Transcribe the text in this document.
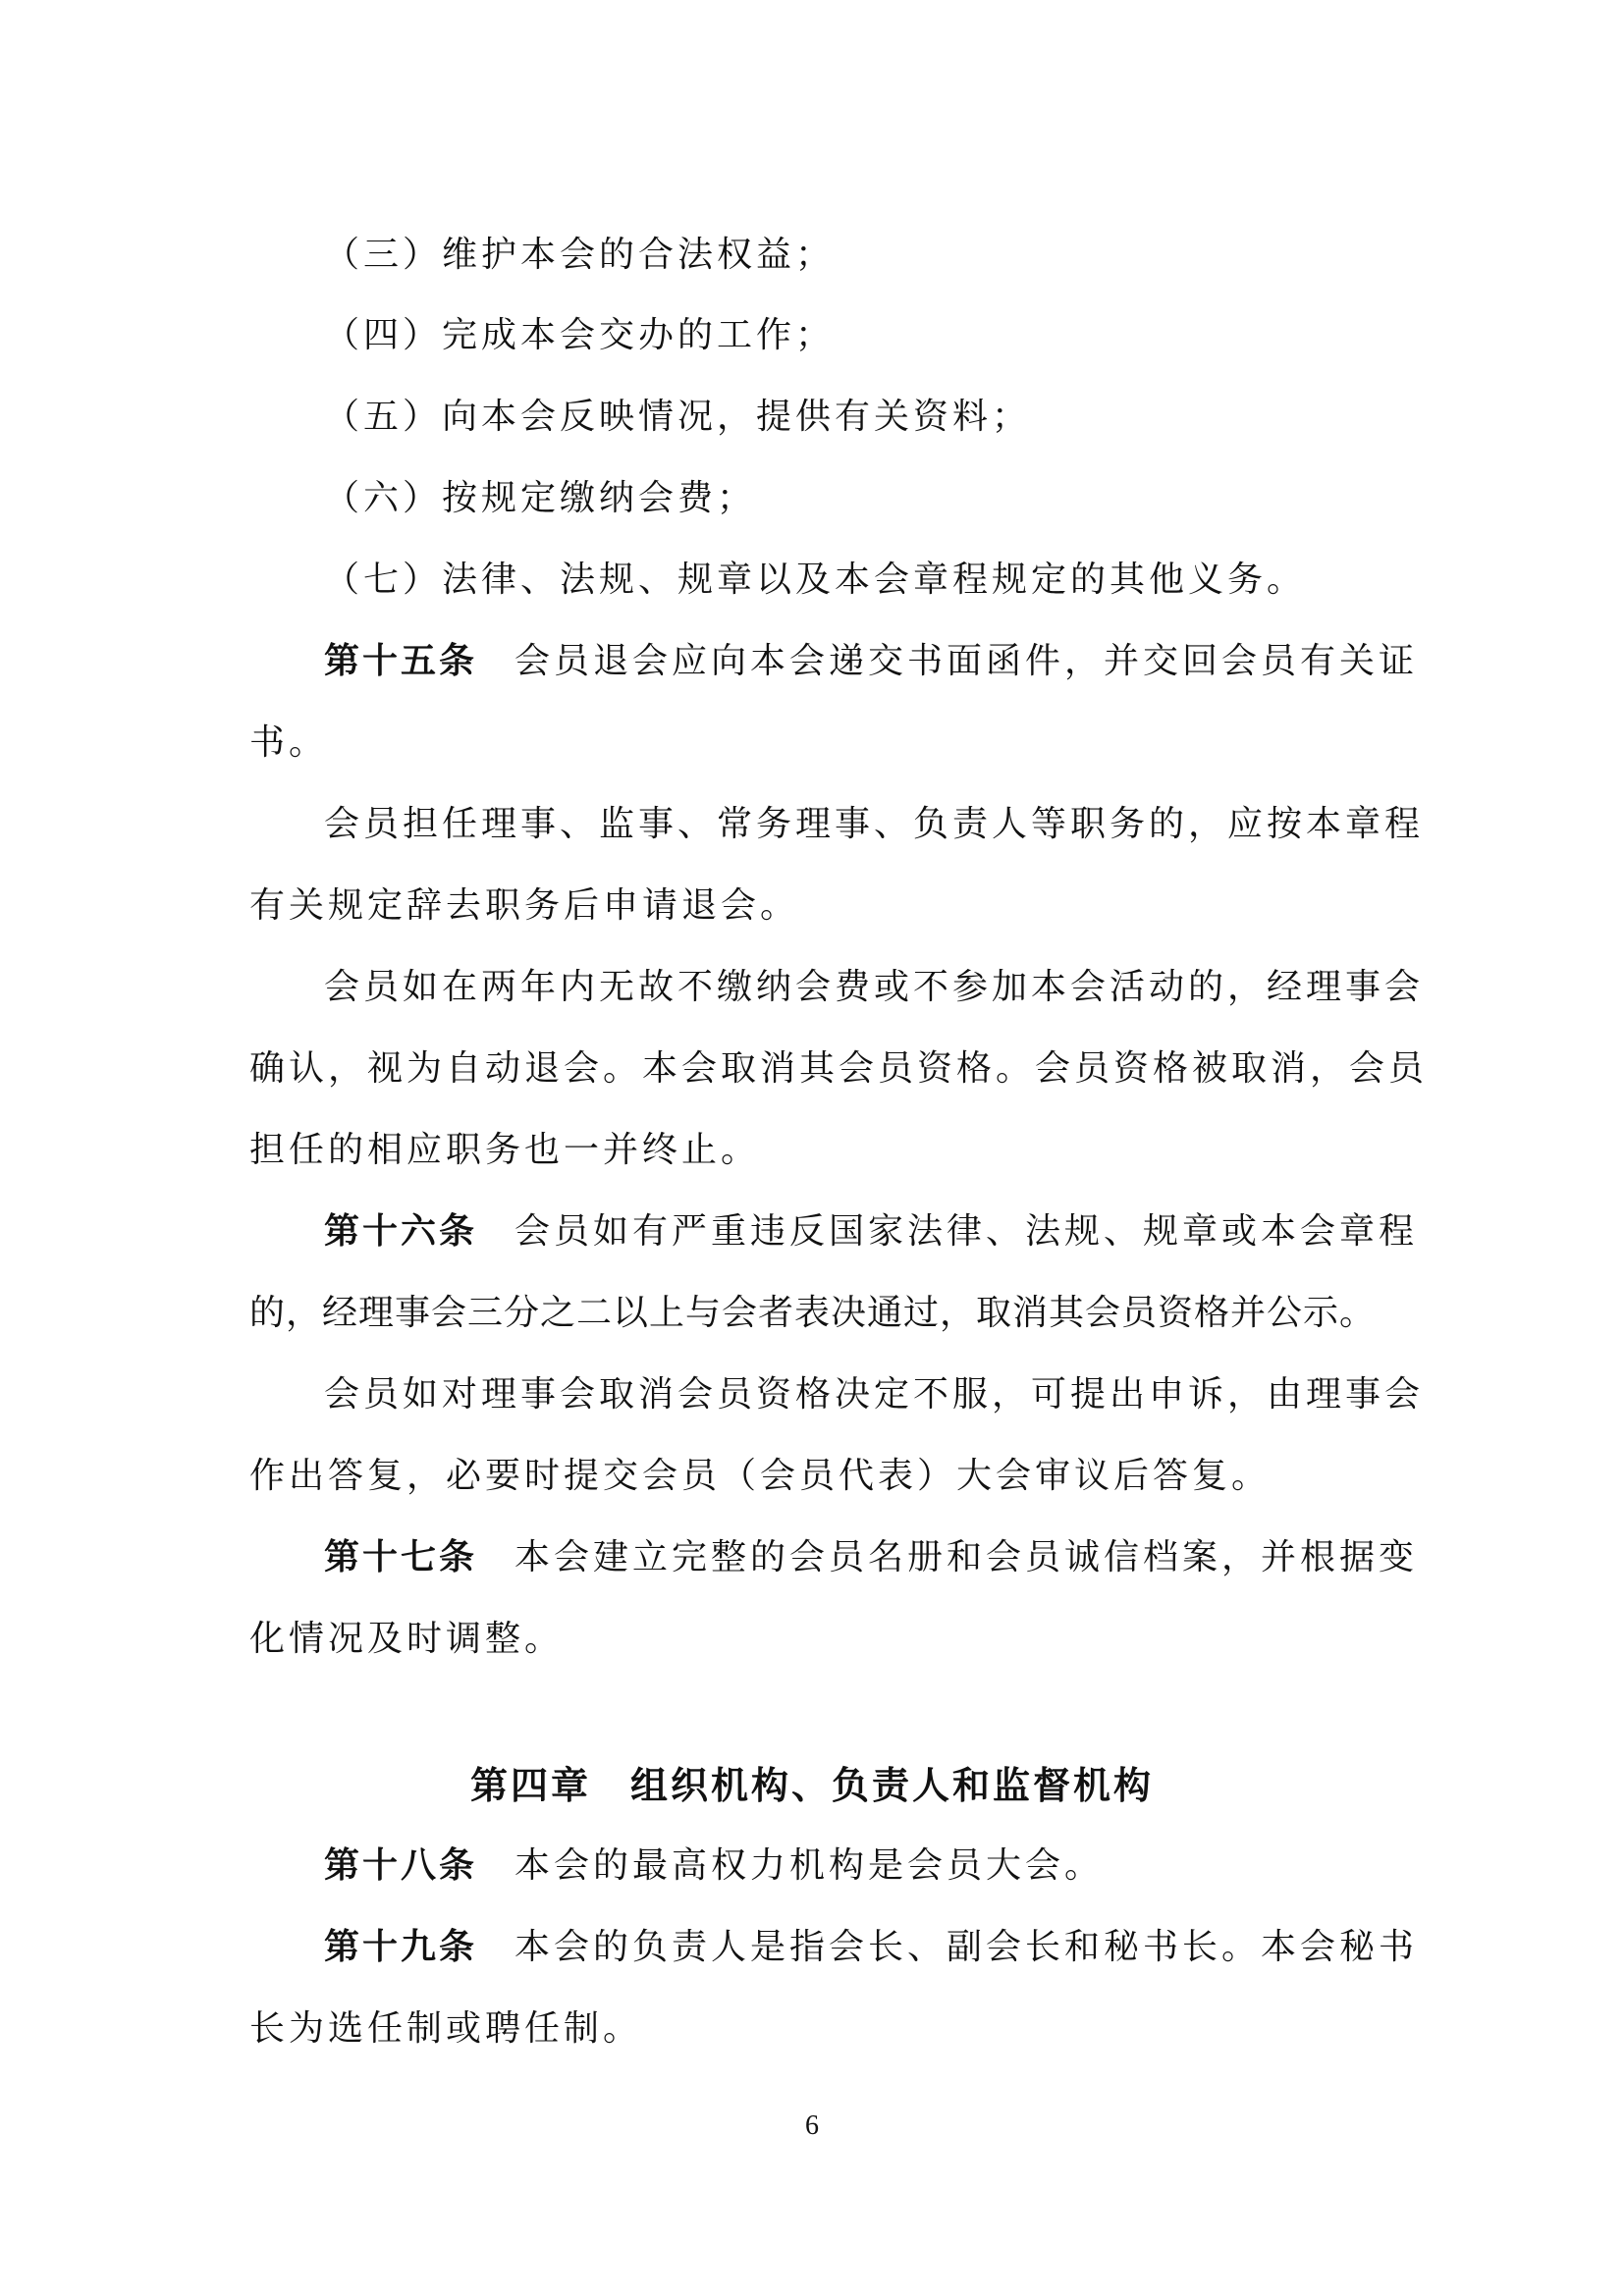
（三）维护本会的合法权益；
（四）完成本会交办的工作；
（五）向本会反映情况，提供有关资料；
（六）按规定缴纳会费；
（七）法律、法规、规章以及本会章程规定的其他义务。
第十五条 会员退会应向本会递交书面函件，并交回会员有关证
书。
会员担任理事、监事、常务理事、负责人等职务的，应按本章程
有关规定辞去职务后申请退会。
会员如在两年内无故不缴纳会费或不参加本会活动的，经理事会
确认，视为自动退会。本会取消其会员资格。会员资格被取消，会员
担任的相应职务也一并终止。
第十六条 会员如有严重违反国家法律、法规、规章或本会章程
的，经理事会三分之二以上与会者表决通过，取消其会员资格并公示。
会员如对理事会取消会员资格决定不服，可提出申诉，由理事会
作出答复，必要时提交会员（会员代表）大会审议后答复。
第十七条 本会建立完整的会员名册和会员诚信档案，并根据变
化情况及时调整。
第四章 组织机构、负责人和监督机构
第十八条 本会的最高权力机构是会员大会。
第十九条 本会的负责人是指会长、副会长和秘书长。本会秘书
长为选任制或聘任制。
6
